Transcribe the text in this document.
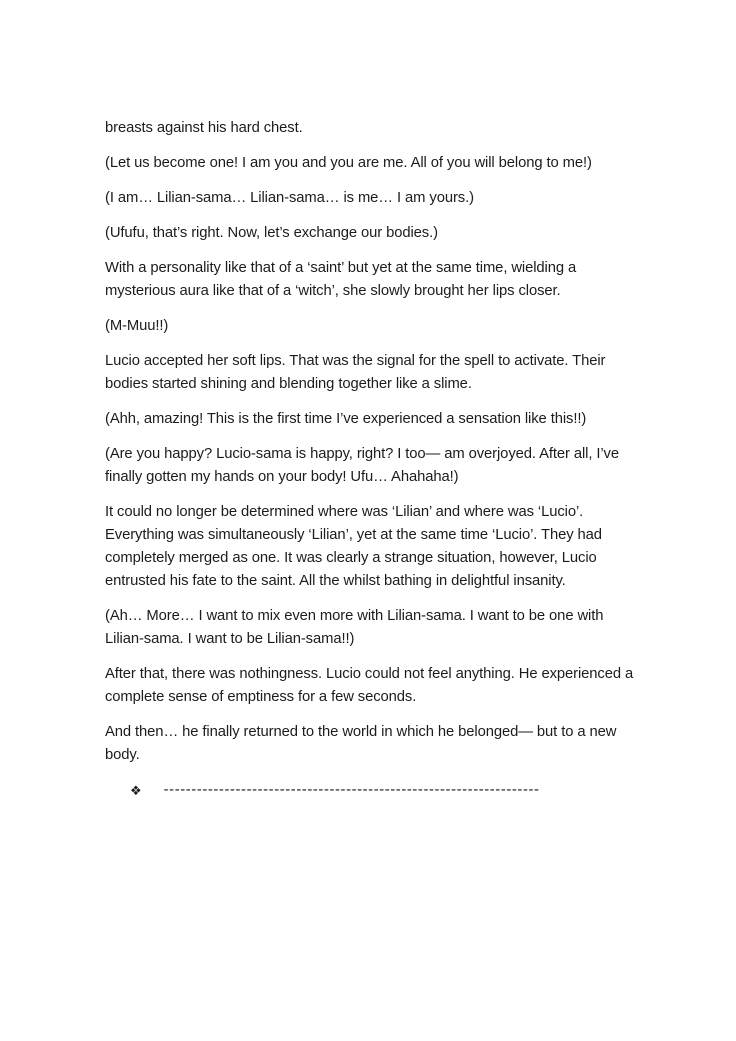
breasts against his hard chest.

(Let us become one! I am you and you are me. All of you will belong to me!)

(I am… Lilian-sama… Lilian-sama… is me… I am yours.)

(Ufufu, that’s right. Now, let’s exchange our bodies.)

With a personality like that of a ‘saint’ but yet at the same time, wielding a mysterious aura like that of a ‘witch’, she slowly brought her lips closer.

(M-Muu!!)

Lucio accepted her soft lips. That was the signal for the spell to activate. Their bodies started shining and blending together like a slime.

(Ahh, amazing! This is the first time I’ve experienced a sensation like this!!)

(Are you happy? Lucio-sama is happy, right? I too— am overjoyed. After all, I’ve finally gotten my hands on your body! Ufu… Ahahaha!)

It could no longer be determined where was ‘Lilian’ and where was ‘Lucio’. Everything was simultaneously ‘Lilian’, yet at the same time ‘Lucio’. They had completely merged as one. It was clearly a strange situation, however, Lucio entrusted his fate to the saint. All the whilst bathing in delightful insanity.

(Ah… More… I want to mix even more with Lilian-sama. I want to be one with Lilian-sama. I want to be Lilian-sama!!)

After that, there was nothingness. Lucio could not feel anything. He experienced a complete sense of emptiness for a few seconds.

And then… he finally returned to the world in which he belonged— but to a new body.

❖ --------------------------------------------------------------------
